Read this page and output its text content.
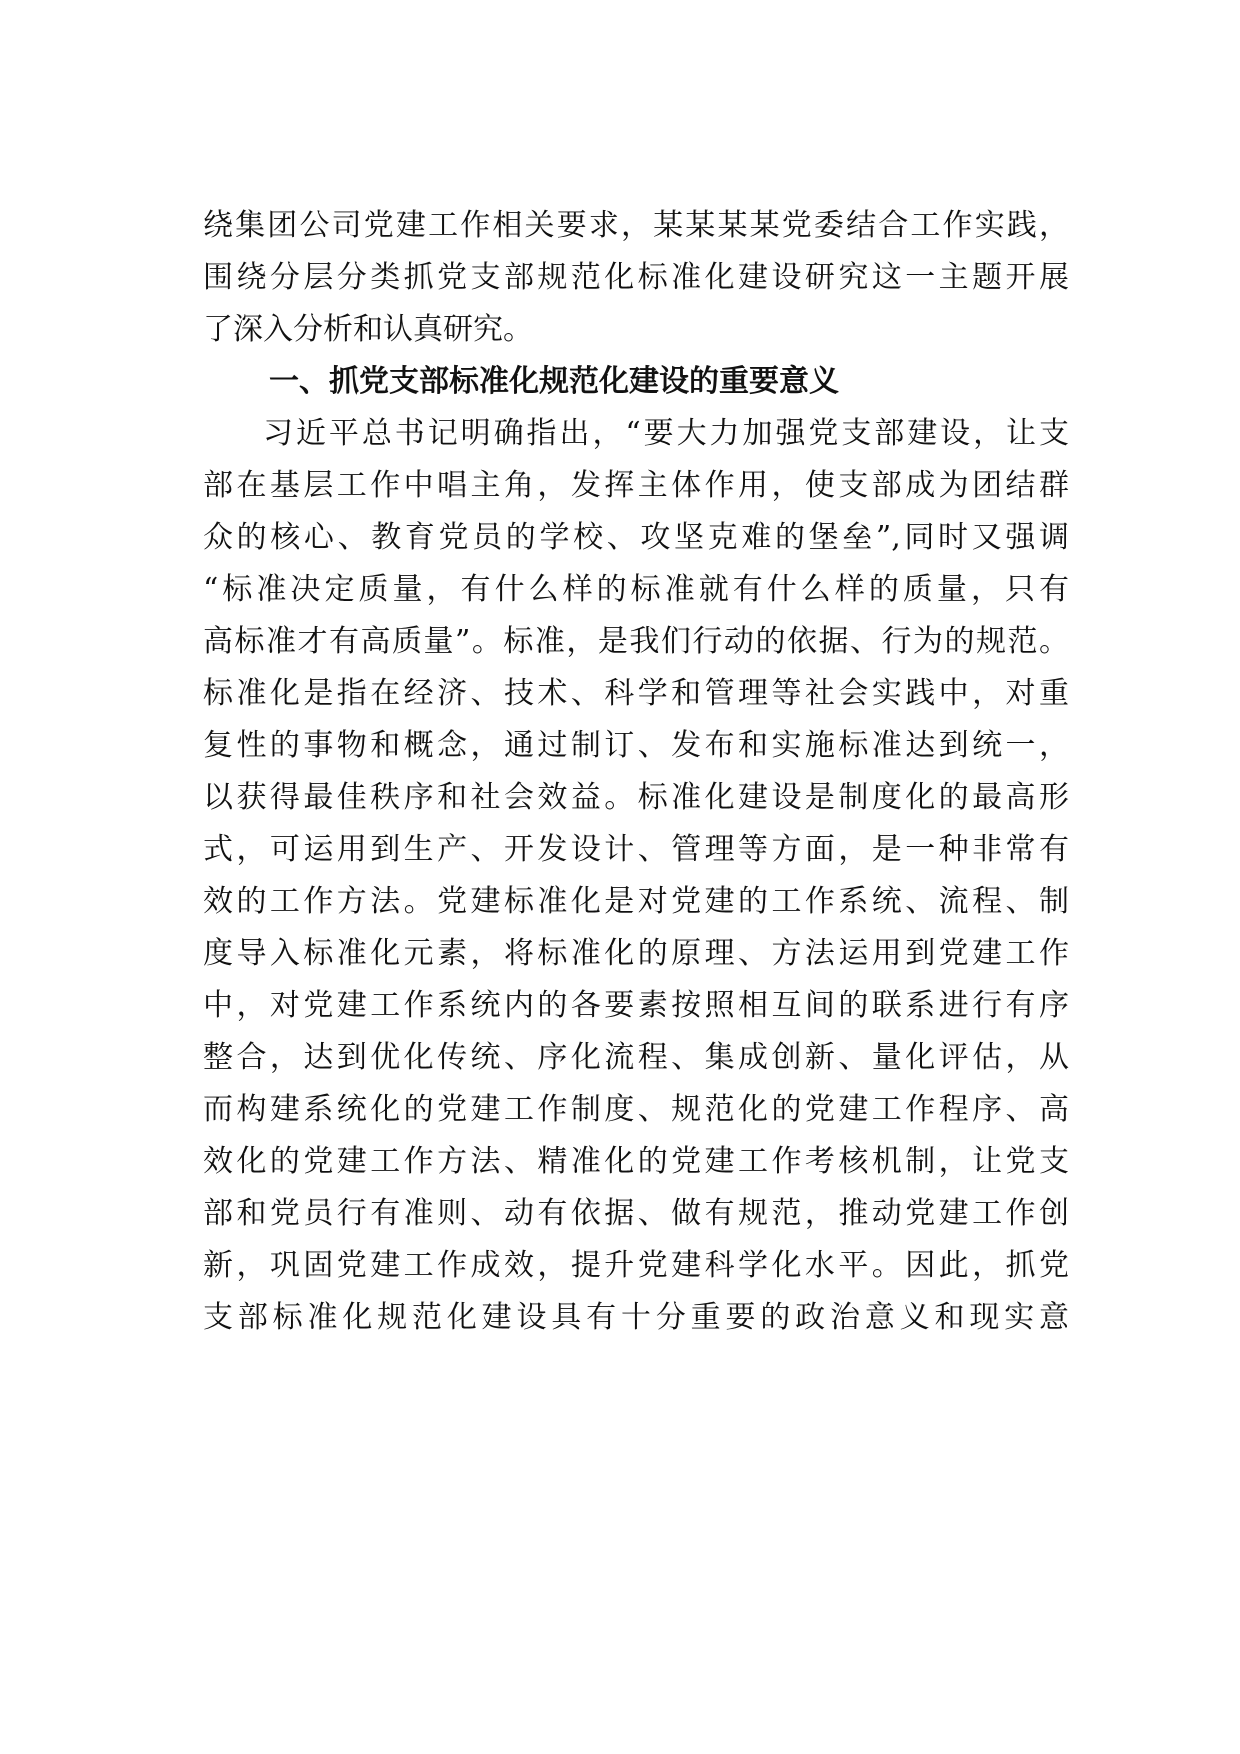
绕集团公司党建工作相关要求，某某某某党委结合工作实践，
围绕分层分类抓党支部规范化标准化建设研究这一主题开展
了深入分析和认真研究。
一、抓党支部标准化规范化建设的重要意义
习近平总书记明确指出，“要大力加强党支部建设，让支
部在基层工作中唱主角，发挥主体作用，使支部成为团结群
众的核心、教育党员的学校、攻坚克难的堡垒”,同时又强调
“标准决定质量，有什么样的标准就有什么样的质量，只有
高标准才有高质量”。标准，是我们行动的依据、行为的规范。
标准化是指在经济、技术、科学和管理等社会实践中，对重
复性的事物和概念，通过制订、发布和实施标准达到统一，
以获得最佳秩序和社会效益。标准化建设是制度化的最高形
式，可运用到生产、开发设计、管理等方面，是一种非常有
效的工作方法。党建标准化是对党建的工作系统、流程、制
度导入标准化元素，将标准化的原理、方法运用到党建工作
中，对党建工作系统内的各要素按照相互间的联系进行有序
整合，达到优化传统、序化流程、集成创新、量化评估，从
而构建系统化的党建工作制度、规范化的党建工作程序、高
效化的党建工作方法、精准化的党建工作考核机制，让党支
部和党员行有准则、动有依据、做有规范，推动党建工作创
新，巩固党建工作成效，提升党建科学化水平。因此，抓党
支部标准化规范化建设具有十分重要的政治意义和现实意
